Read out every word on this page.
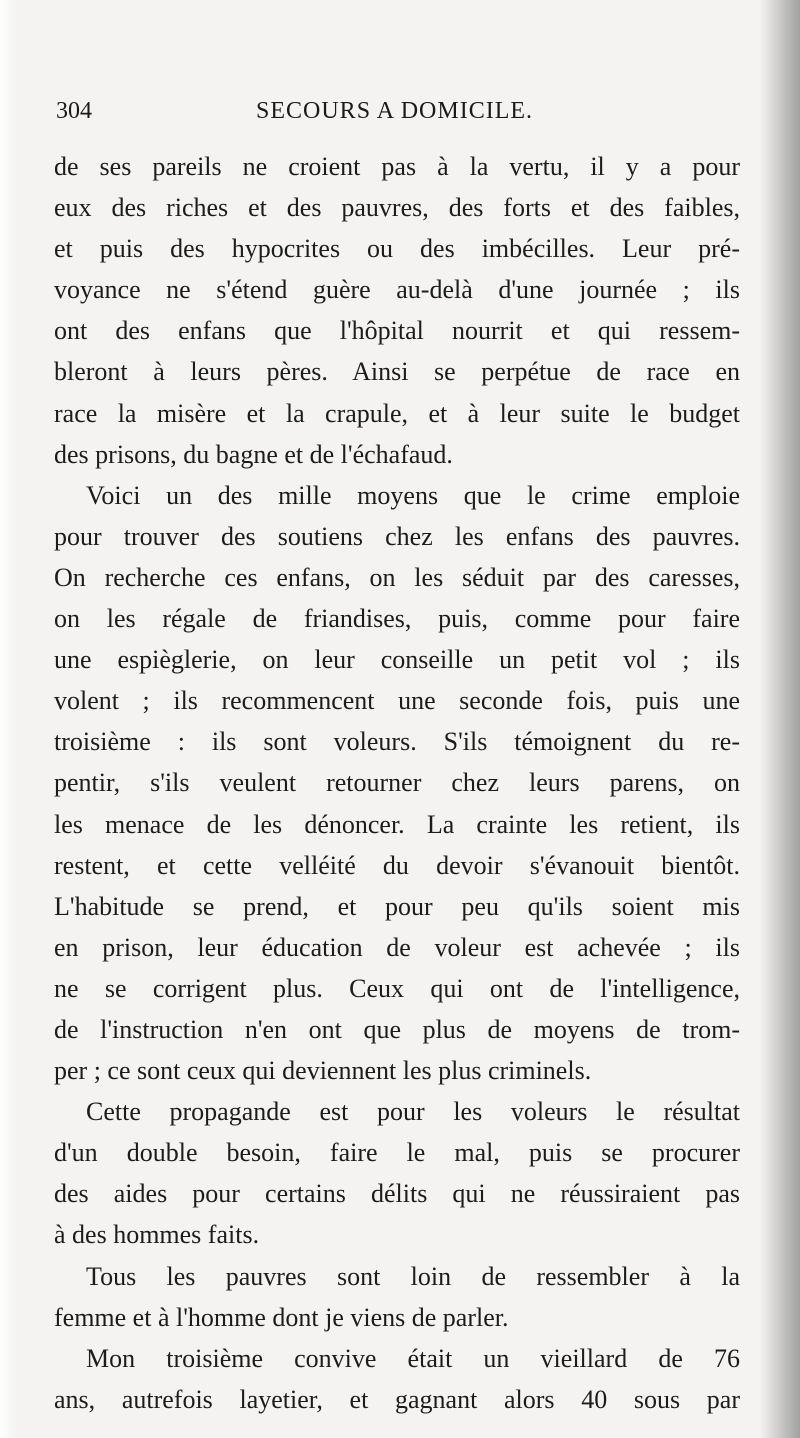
304	SECOURS A DOMICILE.
de ses pareils ne croient pas à la vertu, il y a pour
eux des riches et des pauvres, des forts et des faibles,
et puis des hypocrites ou des imbécilles. Leur pré-
voyance ne s'étend guère au-delà d'une journée ; ils
ont des enfans que l'hôpital nourrit et qui ressem-
bleront à leurs pères. Ainsi se perpétue de race en
race la misère et la crapule, et à leur suite le budget
des prisons, du bagne et de l'échafaud.
Voici un des mille moyens que le crime emploie
pour trouver des soutiens chez les enfans des pauvres.
On recherche ces enfans, on les séduit par des caresses,
on les régale de friandises, puis, comme pour faire
une espièglerie, on leur conseille un petit vol ; ils
volent ; ils recommencent une seconde fois, puis une
troisième : ils sont voleurs. S'ils témoignent du re-
pentir, s'ils veulent retourner chez leurs parens, on
les menace de les dénoncer. La crainte les retient, ils
restent, et cette velléité du devoir s'évanouit bientôt.
L'habitude se prend, et pour peu qu'ils soient mis
en prison, leur éducation de voleur est achevée ; ils
ne se corrigent plus. Ceux qui ont de l'intelligence,
de l'instruction n'en ont que plus de moyens de trom-
per ; ce sont ceux qui deviennent les plus criminels.
Cette propagande est pour les voleurs le résultat
d'un double besoin, faire le mal, puis se procurer
des aides pour certains délits qui ne réussiraient pas
à des hommes faits.
Tous les pauvres sont loin de ressembler à la
femme et à l'homme dont je viens de parler.
Mon troisième convive était un vieillard de 76
ans, autrefois layetier, et gagnant alors 40 sous par
